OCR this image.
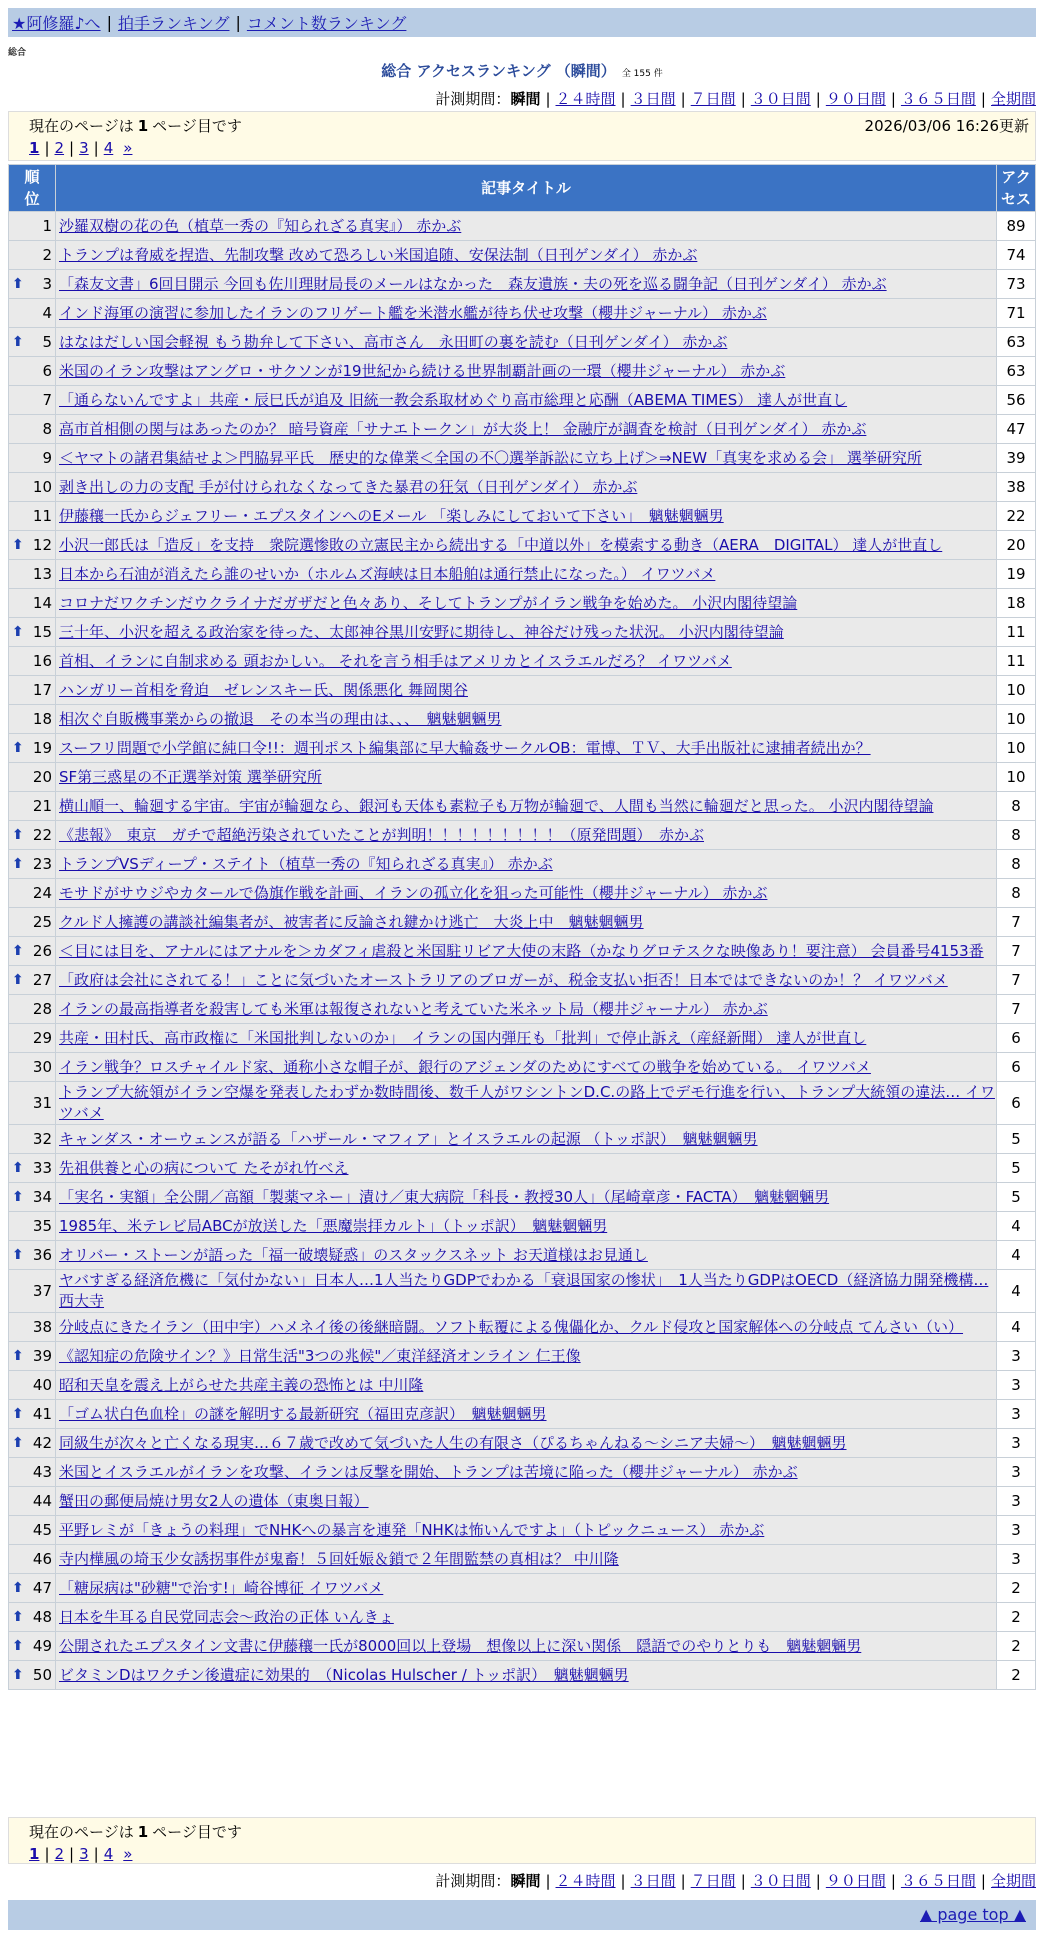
★阿修羅♪へ | 拍手ランキング | コメント数ランキング
総合
総合 アクセスランキング （瞬間） 全 155 件
計測期間：瞬間 | ２４時間 | ３日間 | ７日間 | ３０日間 | ９０日間 | ３６５日間 | 全期間
現在のページは 1 ページ目です	2026/03/06 16:26更新
1 | 2 | 3 | 4 »
順位	記事タイトル	アクセス

1	沙羅双樹の花の色（植草一秀の『知られざる真実』） 赤かぶ	89
2	トランプは脅威を捏造、先制攻撃 改めて恐ろしい米国追随、安保法制（日刊ゲンダイ） 赤かぶ	74

⬆ 3	「森友文書」6回目開示 今回も佐川理財局長のメールはなかった　森友遺族・夫の死を巡る闘争記（日刊ゲンダイ） 赤かぶ	73
4	インド海軍の演習に参加したイランのフリゲート艦を米潜水艦が待ち伏せ攻撃（櫻井ジャーナル） 赤かぶ	71

⬆ 5	はなはだしい国会軽視 もう勘弁して下さい、高市さん　永田町の裏を読む（日刊ゲンダイ） 赤かぶ	63
6	米国のイラン攻撃はアングロ・サクソンが19世紀から続ける世界制覇計画の一環（櫻井ジャーナル） 赤かぶ	63
7	「通らないんですよ」共産・辰巳氏が追及 旧統一教会系取材めぐり高市総理と応酬（ABEMA TIMES） 達人が世直し	56
8	高市首相側の関与はあったのか？ 暗号資産「サナエトークン」が大炎上！ 金融庁が調査を検討（日刊ゲンダイ） 赤かぶ	47
9	＜ヤマトの諸君集結せよ＞門脇昇平氏　歴史的な偉業＜全国の不〇選挙訴訟に立ち上げ＞⇒NEW「真実を求める会」 選挙研究所	39
10	剥き出しの力の支配 手が付けられなくなってきた暴君の狂気（日刊ゲンダイ） 赤かぶ	38
11	伊藤穰一氏からジェフリー・エプスタインへのEメール 「楽しみにしておいて下さい」　魑魅魍魎男	22

⬆ 12	小沢一郎氏は「造反」を支持　衆院選惨敗の立憲民主から続出する「中道以外」を模索する動き（AERA　DIGITAL） 達人が世直し	20
13	日本から石油が消えたら誰のせいか（ホルムズ海峡は日本船舶は通行禁止になった。） イワツバメ	19
14	コロナだワクチンだウクライナだガザだと色々あり、そしてトランプがイラン戦争を始めた。 小沢内閣待望論	18

⬆ 15	三十年、小沢を超える政治家を待った、太郎神谷黒川安野に期待し、神谷だけ残った状況。 小沢内閣待望論	11
16	首相、イランに自制求める 頭おかしい。 それを言う相手はアメリカとイスラエルだろ？ イワツバメ	11
17	ハンガリー首相を脅迫　ゼレンスキー氏、関係悪化 舞岡関谷	10
18	相次ぐ自販機事業からの撤退　その本当の理由は、、、　魑魅魍魎男	10

⬆ 19	スーフリ問題で小学館に純口令!!：週刊ポスト編集部に早大輪姦サークルOB：電博、ＴＶ、大手出版社に逮捕者続出か？	10
20	SF第三惑星の不正選挙対策 選挙研究所	10
21	横山順一、輪廻する宇宙。宇宙が輪廻なら、銀河も天体も素粒子も万物が輪廻で、人間も当然に輪廻だと思った。 小沢内閣待望論	8

⬆ 22	《悲報》　東京　ガチで超絶汚染されていたことが判明！！！！！！！！！（原発問題）　赤かぶ	8

⬆ 23	トランプVSディープ・ステイト（植草一秀の『知られざる真実』） 赤かぶ	8
24	モサドがサウジやカタールで偽旗作戦を計画、イランの孤立化を狙った可能性（櫻井ジャーナル） 赤かぶ	8
25	クルド人擁護の講談社編集者が、被害者に反論され鍵かけ逃亡　大炎上中　魑魅魍魎男	7

⬆ 26	＜目には目を、アナルにはアナルを＞カダフィ虐殺と米国駐リビア大使の末路（かなりグロテスクな映像あり！要注意） 会員番号4153番	7

⬆ 27	「政府は会社にされてる！」ことに気づいたオーストラリアのブロガーが、税金支払い拒否！日本ではできないのか！？ イワツバメ	7
28	イランの最高指導者を殺害しても米軍は報復されないと考えていた米ネット局（櫻井ジャーナル） 赤かぶ	7
29	共産・田村氏、高市政権に「米国批判しないのか」　イランの国内弾圧も「批判」で停止訴え（産経新聞） 達人が世直し	6
30	イラン戦争？ロスチャイルド家、通称小さな帽子が、銀行のアジェンダのためにすべての戦争を始めている。 イワツバメ	6
31	トランプ大統領がイラン空爆を発表したわずか数時間後、数千人がワシントンD.C.の路上でデモ行進を行い、トランプ大統領の違法… イワツバメ	6
32	キャンダス・オーウェンスが語る「ハザール・マフィア」とイスラエルの起源 （トッポ訳）　魑魅魍魎男	5

⬆ 33	先祖供養と心の病について たそがれ竹べえ	5

⬆ 34	「実名・実額」全公開／高額「製薬マネー」漬け／東大病院「科長・教授30人」（尾崎章彦・FACTA）　魑魅魍魎男	5
35	1985年、米テレビ局ABCが放送した「悪魔崇拝カルト」（トッポ訳）　魑魅魍魎男	4

⬆ 36	オリバー・ストーンが語った「福一破壊疑惑」のスタックスネット お天道様はお見通し	4
37	ヤバすぎる経済危機に「気付かない」日本人…1人当たりGDPでわかる「衰退国家の惨状」　1人当たりGDPはOECD（経済協力開発機構… 西大寺	4
38	分岐点にきたイラン（田中宇）ハメネイ後の後継暗闘。ソフト転覆による傀儡化か、クルド侵攻と国家解体への分岐点 てんさい（い）	4

⬆ 39	《認知症の危険サイン？》日常生活"3つの兆候"／東洋経済オンライン 仁王像	3
40	昭和天皇を震え上がらせた共産主義の恐怖とは 中川隆	3

⬆ 41	「ゴム状白色血栓」の謎を解明する最新研究（福田克彦訳）　魑魅魍魎男	3

⬆ 42	同級生が次々と亡くなる現実…６７歳で改めて気づいた人生の有限さ（ぴるちゃんねる～シニア夫婦～）　魑魅魍魎男	3
43	米国とイスラエルがイランを攻撃、イランは反撃を開始、トランプは苦境に陥った（櫻井ジャーナル） 赤かぶ	3
44	蟹田の郵便局焼け男女2人の遺体（東奥日報）	3
45	平野レミが「きょうの料理」でNHKへの暴言を連発「NHKは怖いんですよ」（トピックニュース） 赤かぶ	3
46	寺内樺風の埼玉少女誘拐事件が鬼畜！５回妊娠＆鎖で２年間監禁の真相は？ 中川隆	3

⬆ 47	「糖尿病は"砂糖"で治す!」崎谷博征 イワツバメ	2

⬆ 48	日本を牛耳る自民党同志会～政治の正体 いんきょ	2

⬆ 49	公開されたエプスタイン文書に伊藤穰一氏が8000回以上登場　想像以上に深い関係　隠語でのやりとりも　魑魅魍魎男	2

⬆ 50	ビタミンDはワクチン後遺症に効果的　（Nicolas Hulscher / トッポ訳）　魑魅魍魎男	2
現在のページは 1 ページ目です
1 | 2 | 3 | 4 »
計測期間：瞬間 | ２４時間 | ３日間 | ７日間 | ３０日間 | ９０日間 | ３６５日間 | 全期間
▲ page top ▲
